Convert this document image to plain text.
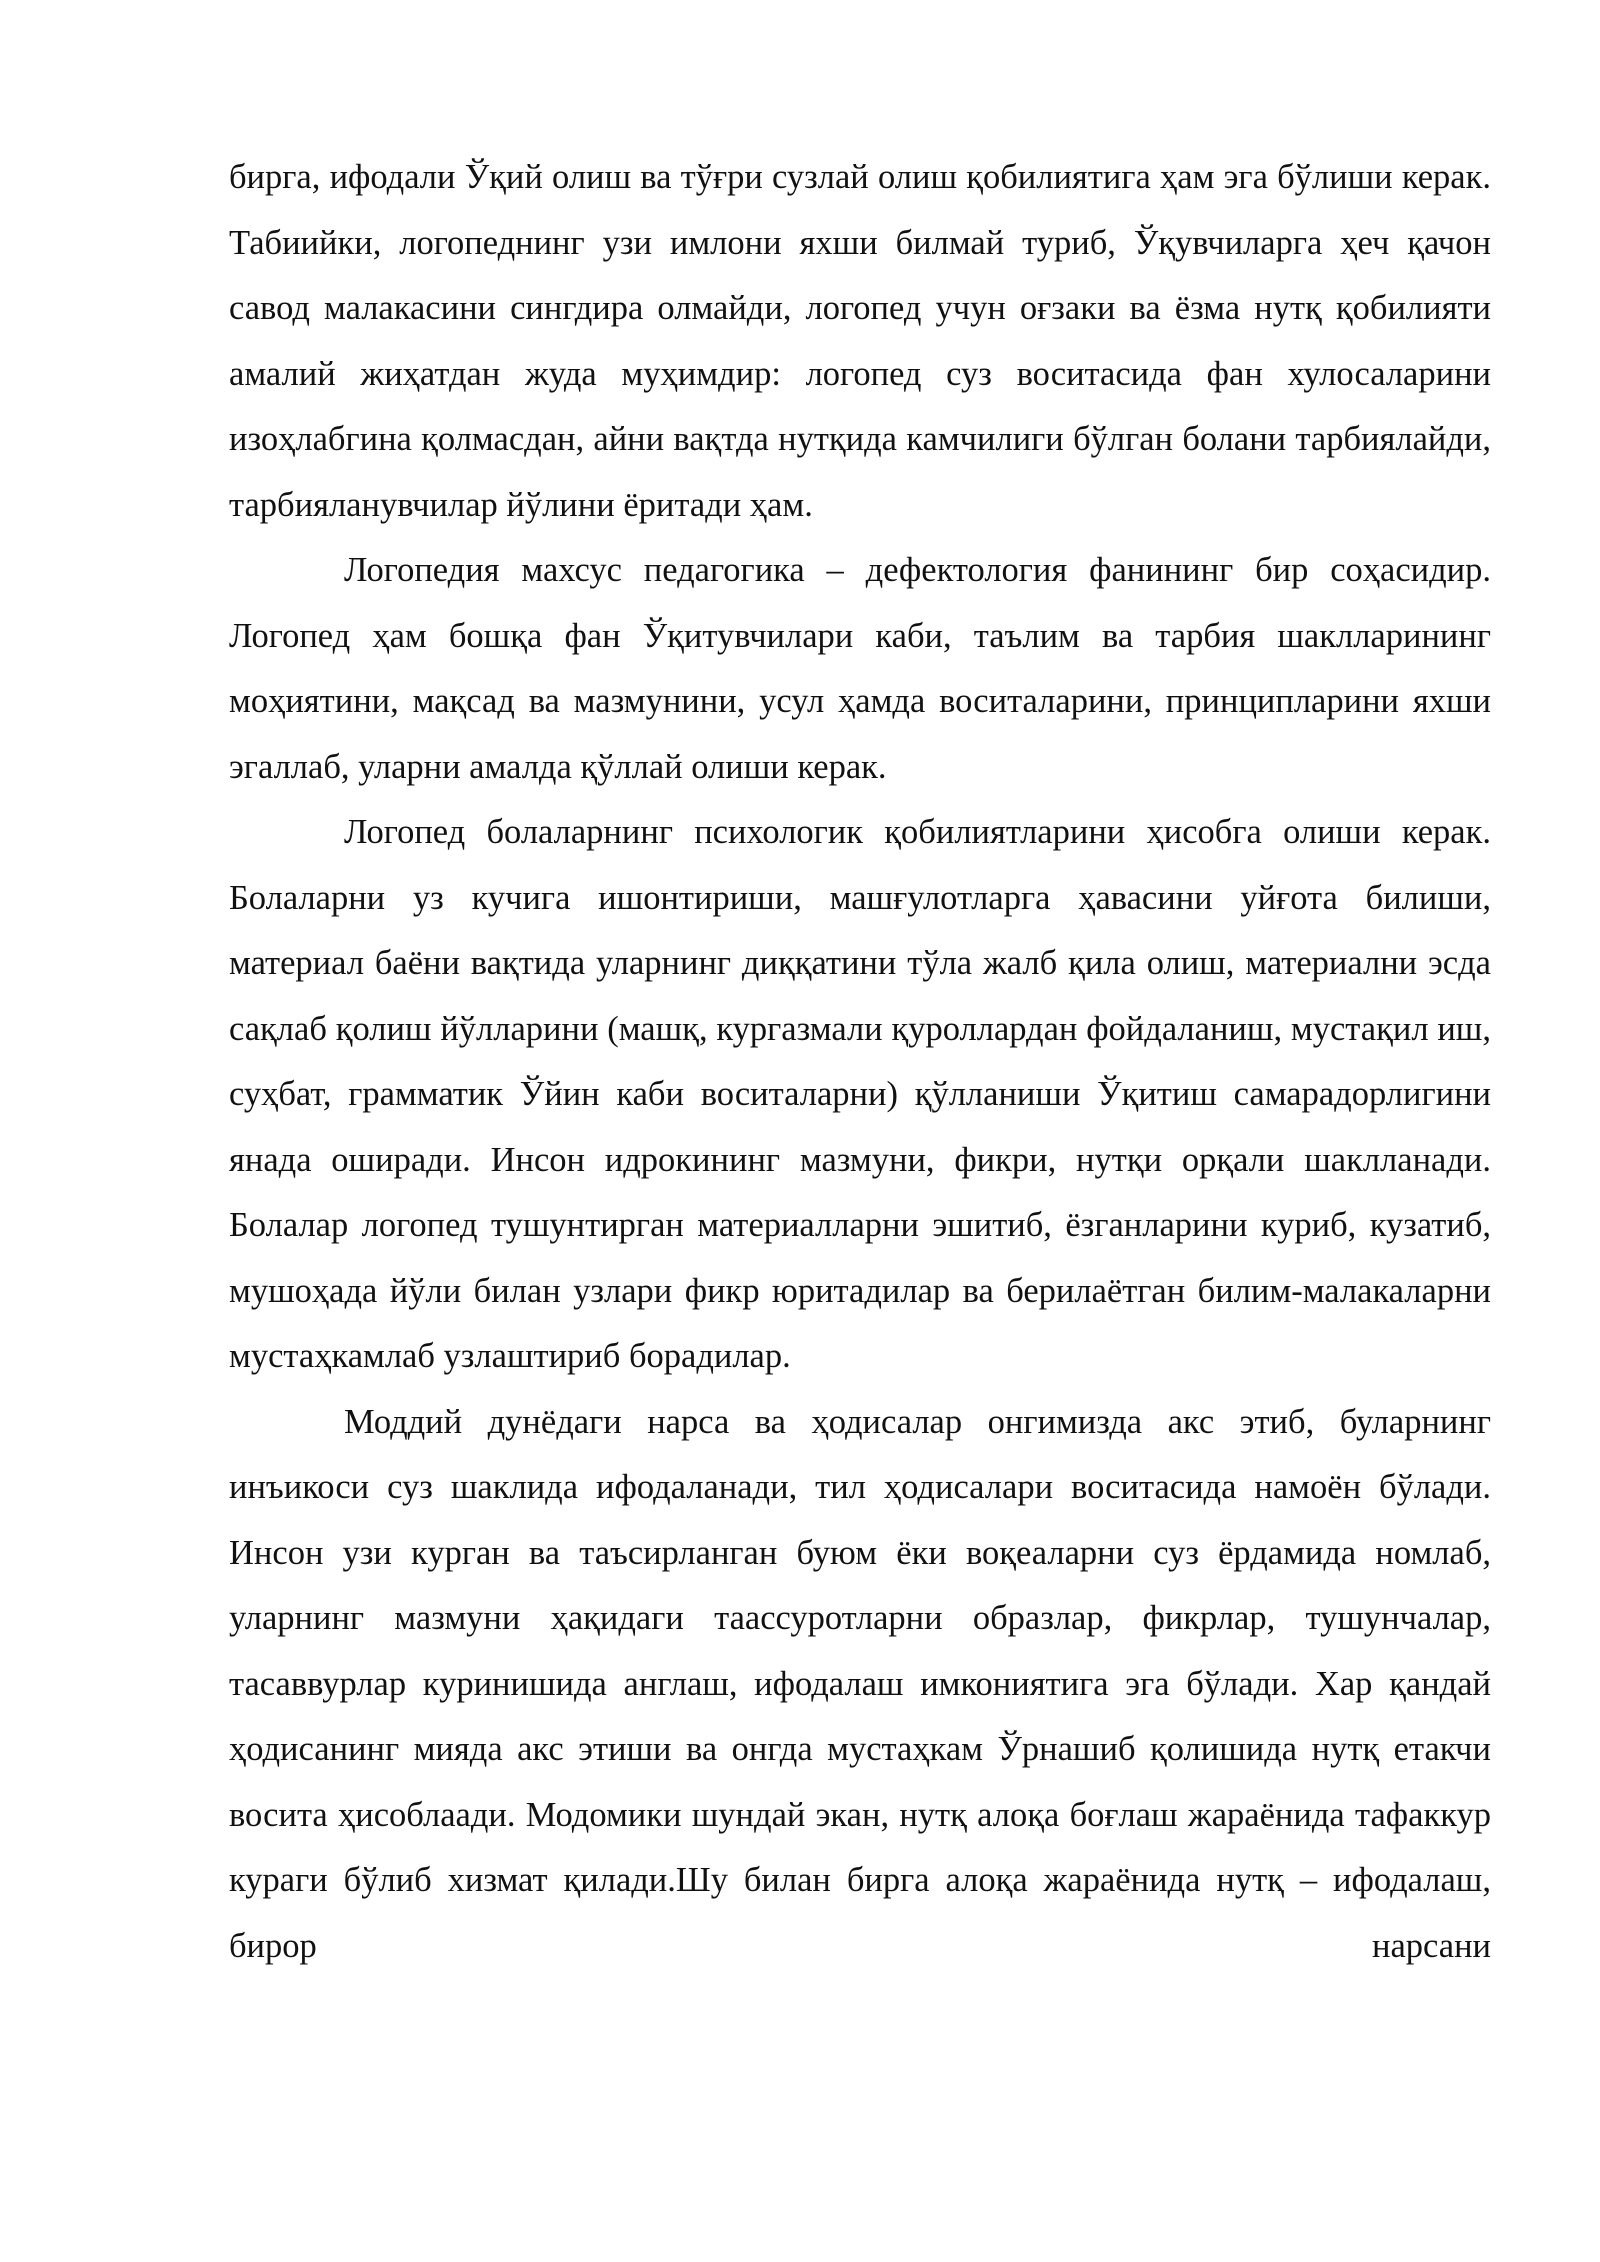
бирга, ифодали Ўқий олиш ва тўғри сузлай олиш қобилиятига ҳам эга бўлиши керак. Табиийки, логопеднинг узи имлони яхши билмай туриб, Ўқувчиларга ҳеч қачон савод малакасини сингдира олмайди, логопед учун оғзаки ва ёзма нутқ қобилияти амалий жиҳатдан жуда муҳимдир: логопед суз воситасида фан хулосаларини изоҳлабгина қолмасдан, айни вақтда нутқида камчилиги бўлган болани тарбиялайди, тарбияланувчилар йўлини ёритади ҳам.

Логопедия махсус педагогика – дефектология фанининг бир соҳасидир. Логопед ҳам бошқа фан Ўқитувчилари каби, таълим ва тарбия шаклларининг моҳиятини, мақсад ва мазмунини, усул ҳамда воситаларини, принципларини яхши эгаллаб, уларни амалда қўллай олиши керак.

Логопед болаларнинг психологик қобилиятларини ҳисобга олиши керак. Болаларни уз кучига ишонтириши, машғулотларга ҳавасини уйғота билиши, материал баёни вақтида уларнинг диққатини тўла жалб қила олиш, материални эсда сақлаб қолиш йўлларини (машқ, кургазмали қуроллардан фойдаланиш, мустақил иш, суҳбат, грамматик Ўйин каби воситаларни) қўлланиши Ўқитиш самарадорлигини янада оширади. Инсон идрокининг мазмуни, фикри, нутқи орқали шаклланади. Болалар логопед тушунтирган материалларни эшитиб, ёзганларини куриб, кузатиб, мушоҳада йўли билан узлари фикр юритадилар ва берилаётган билим-малакаларни мустаҳкамлаб узлаштириб борадилар.

Моддий дунёдаги нарса ва ҳодисалар онгимизда акс этиб, буларнинг инъикоси суз шаклида ифодаланади, тил ҳодисалари воситасида намоён бўлади. Инсон узи курган ва таъсирланган буюм ёки воқеаларни суз ёрдамида номлаб, уларнинг мазмуни ҳақидаги таассуротларни образлар, фикрлар, тушунчалар, тасаввурлар куринишида англаш, ифодалаш имкониятига эга бўлади. Хар қандай ҳодисанинг мияда акс этиши ва онгда мустаҳкам Ўрнашиб қолишида нутқ етакчи восита ҳисоблаади. Модомики шундай экан, нутқ алоқа боғлаш жараёнида тафаккур кураги бўлиб хизмат қилади.Шу билан бирга алоқа жараёнида нутқ – ифодалаш, бирор нарсани
